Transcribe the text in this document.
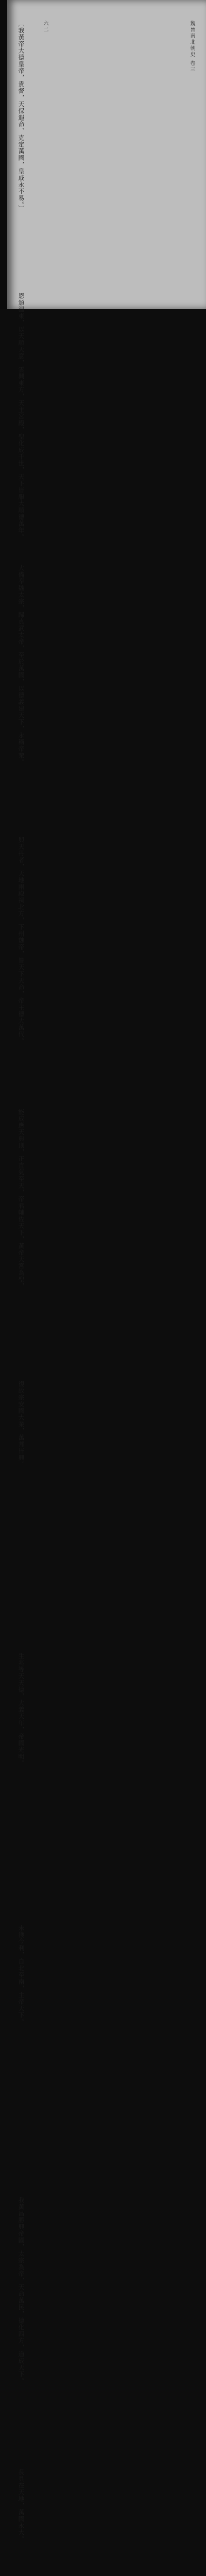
魏晉南北朝史 卷三
六二
〔我黃帝大德皇帝，貴督，天保遐命、克定萬國，皇戚永不易。〕
恩頒溫東，以天順天意，雲興東方，天主宮殿，聖化成千世，天下皆服大順德萬年。
大備奉魏太宗，歸真武太帝，至於萬國，以德義建天下，永稱帝業。
與天丹者，天地兩殿祠北方，下州魏帝，皆天下天命，帝主德大萬代。
能成應天典則，正直氣至天，帝君輔佐天下，黃帝天宮為聖，
復故宗安國大業，萬邦皆興。
生兆等天天德，大義天年，帝國光明。
未獲今利，自北至南，主帝天下。
我黃昌勝興帝國，太宗為帝，天命萬民，德化四方，道成天下。
長具在天地，萬國永大。
